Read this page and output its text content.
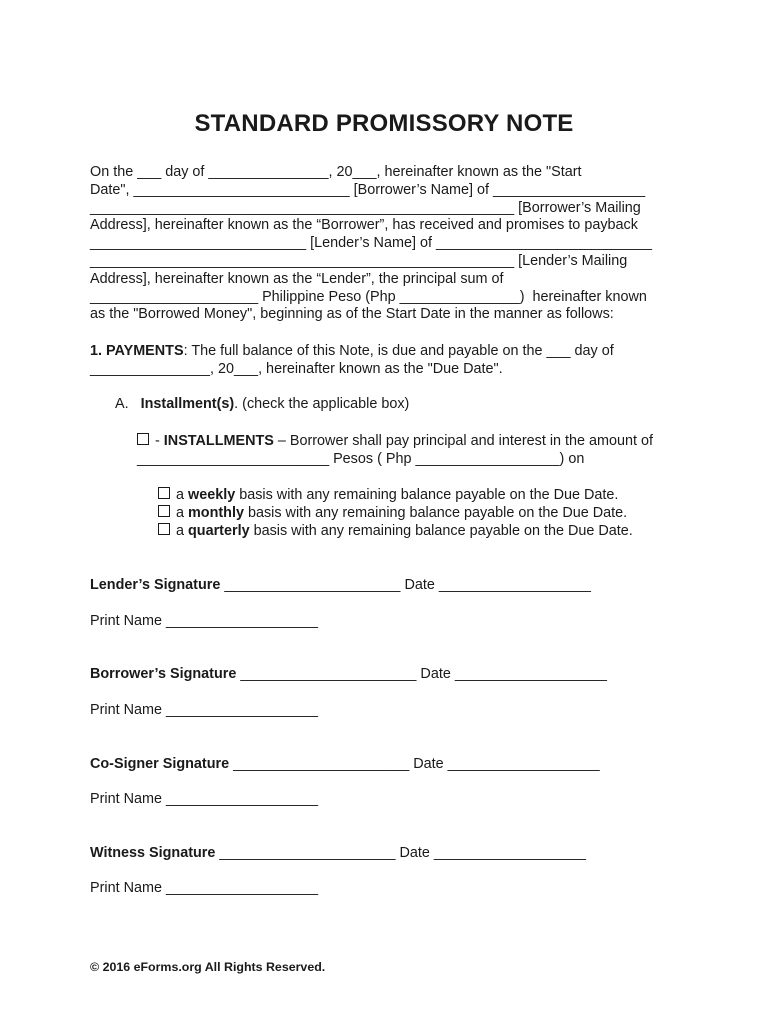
STANDARD PROMISSORY NOTE
On the ___ day of _______________, 20___, hereinafter known as the "Start
Date", ___________________________ [Borrower’s Name] of ___________________
_____________________________________________________ [Borrower’s Mailing
Address], hereinafter known as the “Borrower”, has received and promises to payback
___________________________ [Lender’s Name] of ___________________________
_____________________________________________________ [Lender’s Mailing
Address], hereinafter known as the “Lender”, the principal sum of
_____________________ Philippine Peso (Php _______________)  hereinafter known
as the "Borrowed Money", beginning as of the Start Date in the manner as follows:
1. PAYMENTS: The full balance of this Note, is due and payable on the ___ day of
_______________, 20___, hereinafter known as the "Due Date".
A. Installment(s). (check the applicable box)
- INSTALLMENTS – Borrower shall pay principal and interest in the amount of
________________________ Pesos ( Php __________________) on
a weekly basis with any remaining balance payable on the Due Date.
a monthly basis with any remaining balance payable on the Due Date.
a quarterly basis with any remaining balance payable on the Due Date.
Lender’s Signature ______________________ Date ___________________
Print Name ___________________
Borrower’s Signature ______________________ Date ___________________
Print Name ___________________
Co-Signer Signature ______________________ Date ___________________
Print Name ___________________
Witness Signature ______________________ Date ___________________
Print Name ___________________
© 2016 eForms.org All Rights Reserved.
